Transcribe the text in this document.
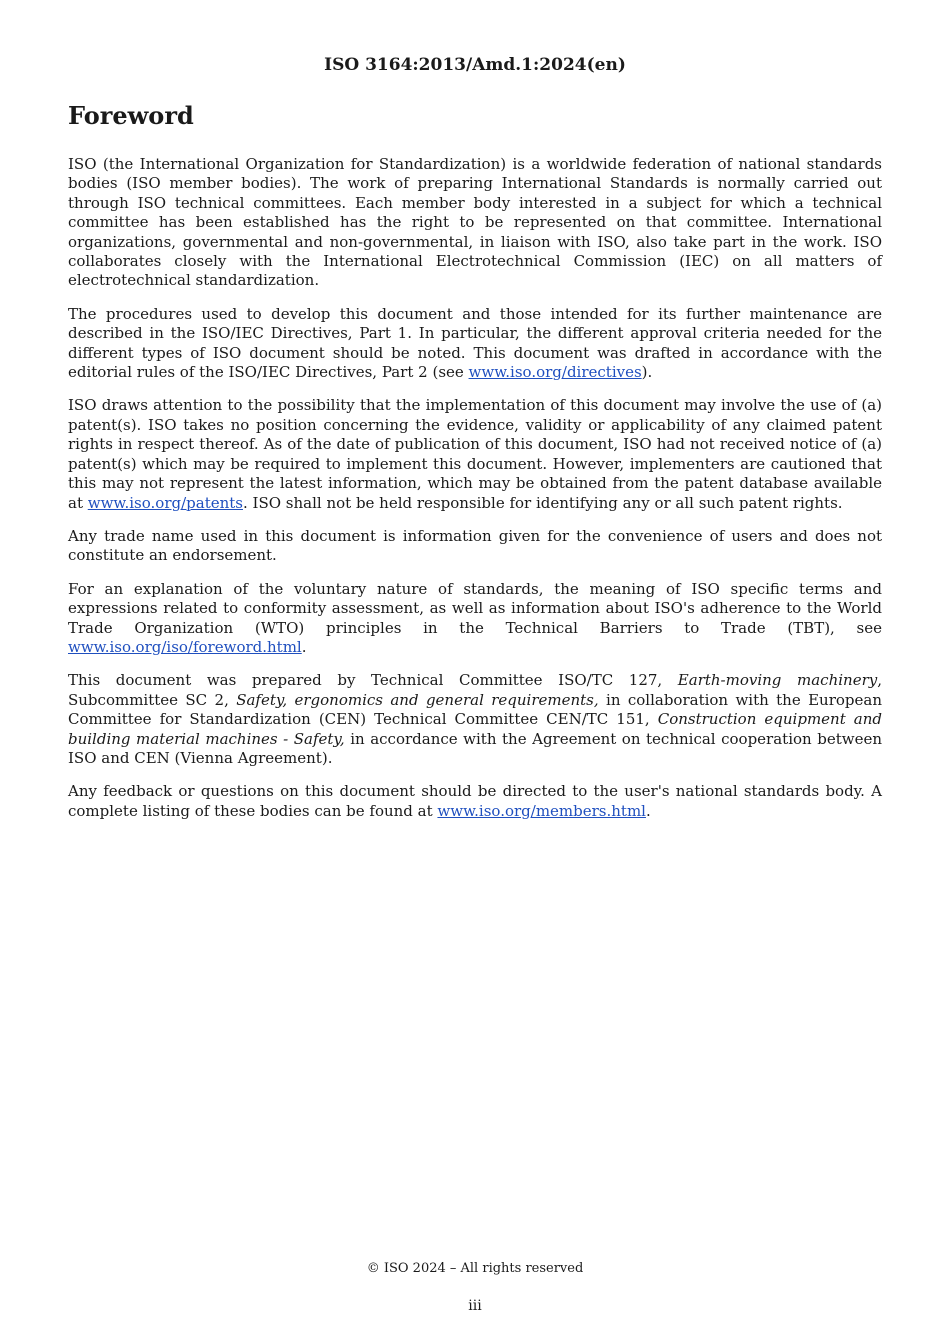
ISO 3164:2013/Amd.1:2024(en)
Foreword

ISO (the International Organization for Standardization) is a worldwide federation of national standards bodies (ISO member bodies). The work of preparing International Standards is normally carried out through ISO technical committees. Each member body interested in a subject for which a technical committee has been established has the right to be represented on that committee. International organizations, governmental and non-governmental, in liaison with ISO, also take part in the work. ISO collaborates closely with the International Electrotechnical Commission (IEC) on all matters of electrotechnical standardization.

The procedures used to develop this document and those intended for its further maintenance are described in the ISO/IEC Directives, Part 1. In particular, the different approval criteria needed for the different types of ISO document should be noted. This document was drafted in accordance with the editorial rules of the ISO/IEC Directives, Part 2 (see www.iso.org/directives).

ISO draws attention to the possibility that the implementation of this document may involve the use of (a) patent(s). ISO takes no position concerning the evidence, validity or applicability of any claimed patent rights in respect thereof. As of the date of publication of this document, ISO had not received notice of (a) patent(s) which may be required to implement this document. However, implementers are cautioned that this may not represent the latest information, which may be obtained from the patent database available at www.iso.org/patents. ISO shall not be held responsible for identifying any or all such patent rights.

Any trade name used in this document is information given for the convenience of users and does not constitute an endorsement.

For an explanation of the voluntary nature of standards, the meaning of ISO specific terms and expressions related to conformity assessment, as well as information about ISO's adherence to the World Trade Organization (WTO) principles in the Technical Barriers to Trade (TBT), see www.iso.org/iso/foreword.html.

This document was prepared by Technical Committee ISO/TC 127, Earth-moving machinery, Subcommittee SC 2, Safety, ergonomics and general requirements, in collaboration with the European Committee for Standardization (CEN) Technical Committee CEN/TC 151, Construction equipment and building material machines - Safety, in accordance with the Agreement on technical cooperation between ISO and CEN (Vienna Agreement).

Any feedback or questions on this document should be directed to the user's national standards body. A complete listing of these bodies can be found at www.iso.org/members.html.

© ISO 2024 – All rights reserved
iii
